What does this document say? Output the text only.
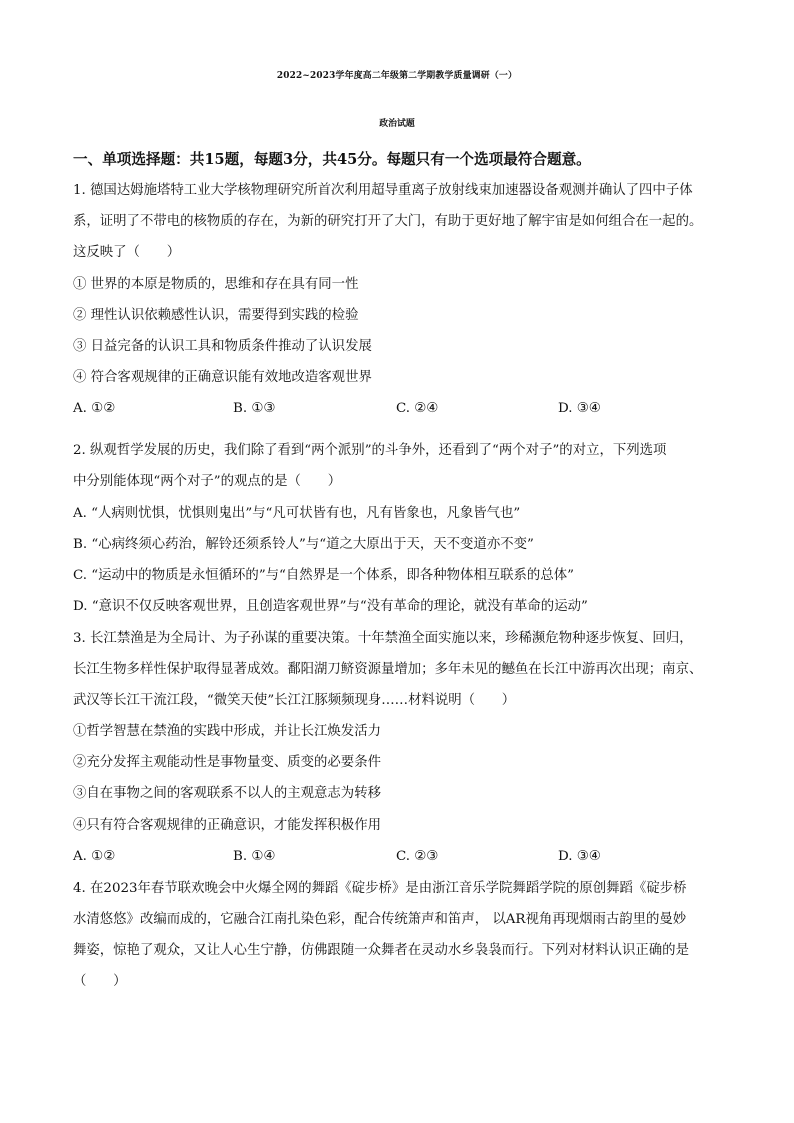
2022~2023学年度高二年级第二学期教学质量调研（一）
政治试题
一、单项选择题：共15题，每题3分，共45分。每题只有一个选项最符合题意。
1. 德国达姆施塔特工业大学核物理研究所首次利用超导重离子放射线束加速器设备观测并确认了四中子体
系，证明了不带电的核物质的存在，为新的研究打开了大门，有助于更好地了解宇宙是如何组合在一起的。
这反映了（　　）
① 世界的本原是物质的，思维和存在具有同一性
② 理性认识依赖感性认识，需要得到实践的检验
③ 日益完备的认识工具和物质条件推动了认识发展
④ 符合客观规律的正确意识能有效地改造客观世界
A. ①②	B. ①③	C. ②④	D. ③④
2. 纵观哲学发展的历史，我们除了看到“两个派别”的斗争外，还看到了“两个对子”的对立，下列选项
中分别能体现“两个对子”的观点的是（　　）
A. “人病则忧惧，忧惧则鬼出”与“凡可状皆有也，凡有皆象也，凡象皆气也”
B. “心病终须心药治，解铃还须系铃人”与“道之大原出于天，天不变道亦不变”
C. “运动中的物质是永恒循环的”与“自然界是一个体系，即各种物体相互联系的总体”
D. “意识不仅反映客观世界，且创造客观世界”与“没有革命的理论，就没有革命的运动”
3. 长江禁渔是为全局计、为子孙谋的重要决策。十年禁渔全面实施以来，珍稀濒危物种逐步恢复、回归，
长江生物多样性保护取得显著成效。鄱阳湖刀鲚资源量增加；多年未见的鳡鱼在长江中游再次出现；南京、
武汉等长江干流江段，“微笑天使”长江江豚频频现身……材料说明（　　）
①哲学智慧在禁渔的实践中形成，并让长江焕发活力
②充分发挥主观能动性是事物量变、质变的必要条件
③自在事物之间的客观联系不以人的主观意志为转移
④只有符合客观规律的正确意识，才能发挥积极作用
A. ①②	B. ①④	C. ②③	D. ③④
4. 在2023年春节联欢晚会中火爆全网的舞蹈《碇步桥》是由浙江音乐学院舞蹈学院的原创舞蹈《碇步桥
水清悠悠》改编而成的，它融合江南扎染色彩，配合传统箫声和笛声， 以AR视角再现烟雨古韵里的曼妙
舞姿，惊艳了观众，又让人心生宁静，仿佛跟随一众舞者在灵动水乡袅袅而行。下列对材料认识正确的是
（　　）
